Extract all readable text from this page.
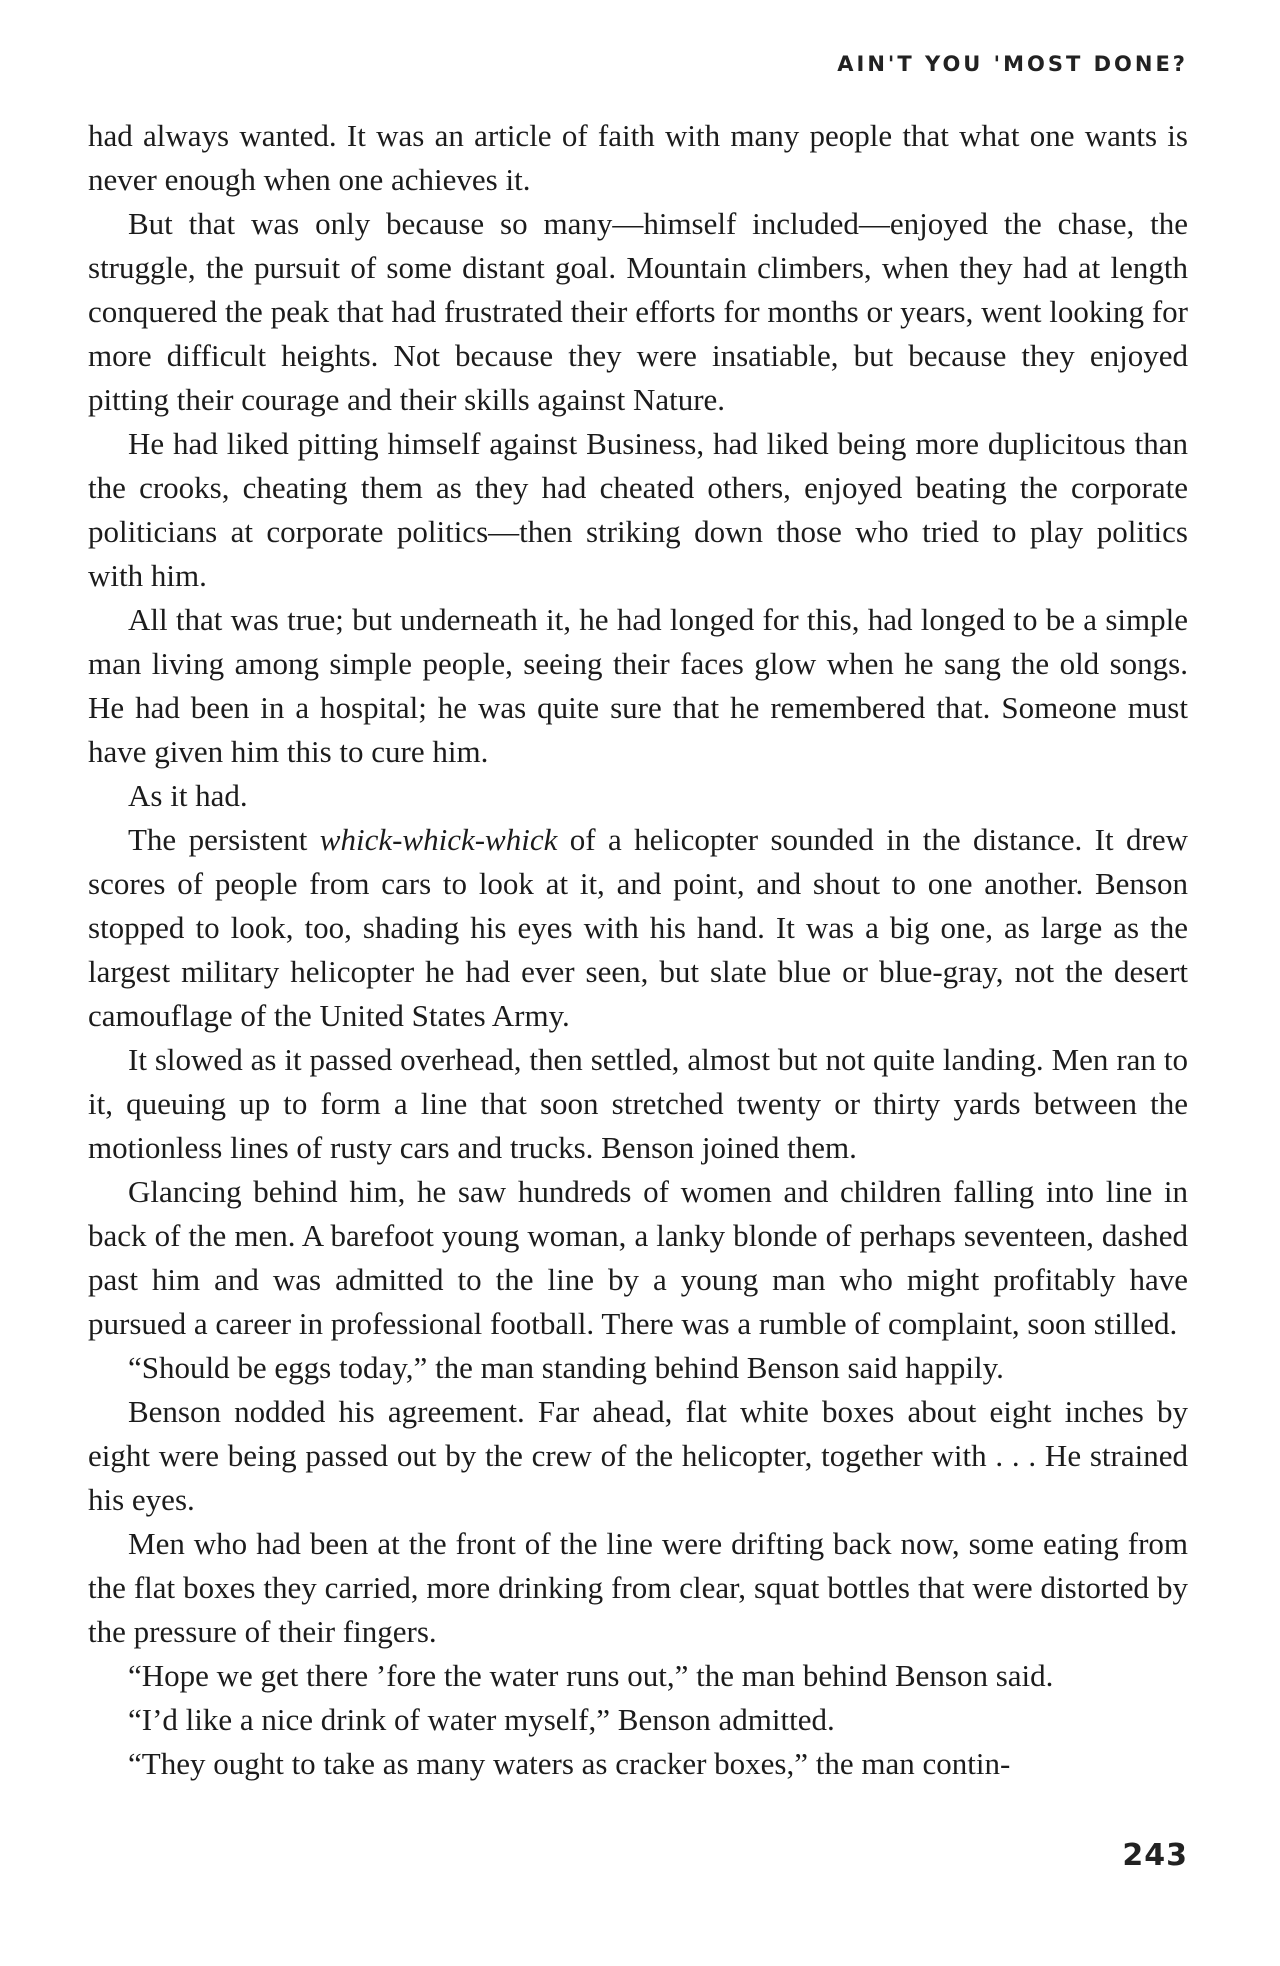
AIN'T YOU 'MOST DONE?

had always wanted. It was an article of faith with many people that what one wants is never enough when one achieves it.

But that was only because so many—himself included—enjoyed the chase, the struggle, the pursuit of some distant goal. Mountain climbers, when they had at length conquered the peak that had frustrated their efforts for months or years, went looking for more difficult heights. Not because they were insatiable, but because they enjoyed pitting their courage and their skills against Nature.

He had liked pitting himself against Business, had liked being more duplicitous than the crooks, cheating them as they had cheated others, enjoyed beating the corporate politicians at corporate politics—then striking down those who tried to play politics with him.

All that was true; but underneath it, he had longed for this, had longed to be a simple man living among simple people, seeing their faces glow when he sang the old songs. He had been in a hospital; he was quite sure that he remembered that. Someone must have given him this to cure him.

As it had.

The persistent whick-whick-whick of a helicopter sounded in the distance. It drew scores of people from cars to look at it, and point, and shout to one another. Benson stopped to look, too, shading his eyes with his hand. It was a big one, as large as the largest military helicopter he had ever seen, but slate blue or blue-gray, not the desert camouflage of the United States Army.

It slowed as it passed overhead, then settled, almost but not quite landing. Men ran to it, queuing up to form a line that soon stretched twenty or thirty yards between the motionless lines of rusty cars and trucks. Benson joined them.

Glancing behind him, he saw hundreds of women and children falling into line in back of the men. A barefoot young woman, a lanky blonde of perhaps seventeen, dashed past him and was admitted to the line by a young man who might profitably have pursued a career in professional football. There was a rumble of complaint, soon stilled.

“Should be eggs today,” the man standing behind Benson said happily.

Benson nodded his agreement. Far ahead, flat white boxes about eight inches by eight were being passed out by the crew of the helicopter, together with . . . He strained his eyes.

Men who had been at the front of the line were drifting back now, some eating from the flat boxes they carried, more drinking from clear, squat bottles that were distorted by the pressure of their fingers.

“Hope we get there ’fore the water runs out,” the man behind Benson said.

“I’d like a nice drink of water myself,” Benson admitted.

“They ought to take as many waters as cracker boxes,” the man contin-

243
